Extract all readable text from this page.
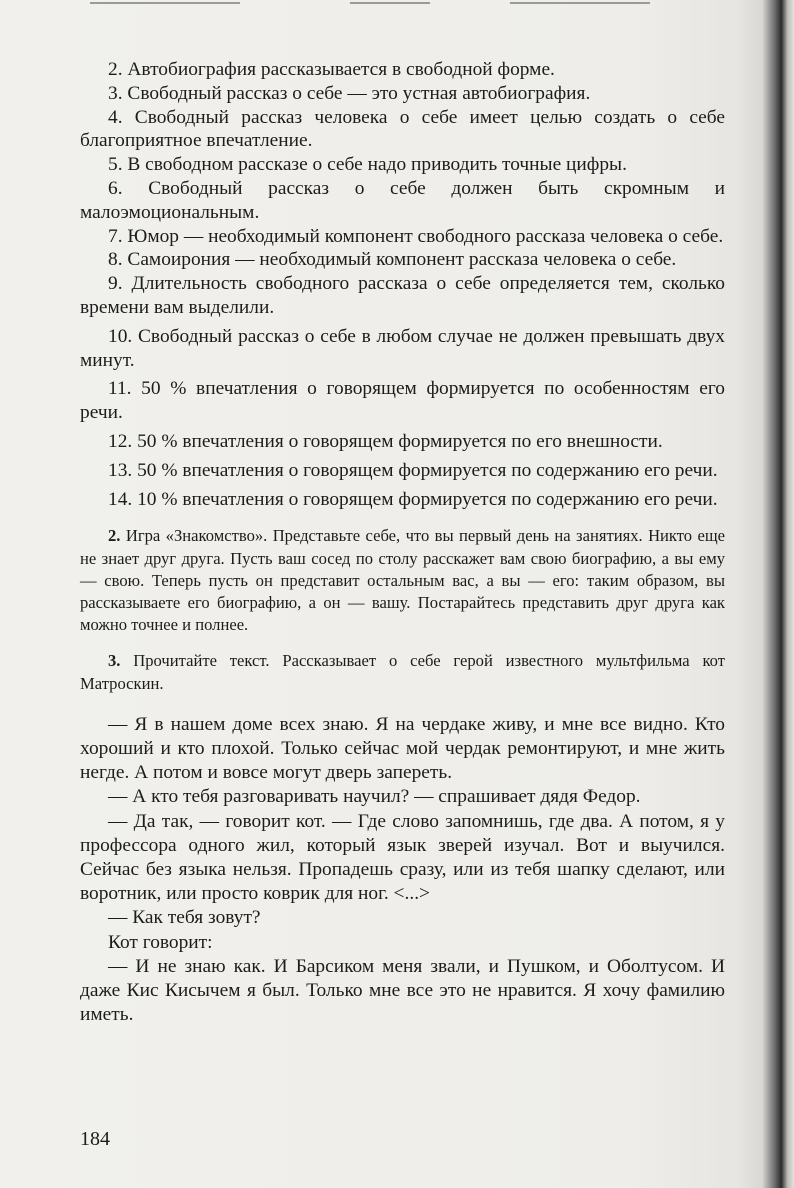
2. Автобиография рассказывается в свободной форме.

3. Свободный рассказ о себе — это устная автобиография.

4. Свободный рассказ человека о себе имеет целью создать о себе благоприятное впечатление.

5. В свободном рассказе о себе надо приводить точные цифры.

6. Свободный рассказ о себе должен быть скромным и малоэмоциональным.

7. Юмор — необходимый компонент свободного рассказа человека о себе.

8. Самоирония — необходимый компонент рассказа человека о себе.

9. Длительность свободного рассказа о себе определяется тем, сколько времени вам выделили.

10. Свободный рассказ о себе в любом случае не должен превышать двух минут.

11. 50 % впечатления о говорящем формируется по особенностям его речи.

12. 50 % впечатления о говорящем формируется по его внешности.

13. 50 % впечатления о говорящем формируется по содержанию его речи.

14. 10 % впечатления о говорящем формируется по содержанию его речи.

2. Игра «Знакомство». Представьте себе, что вы первый день на занятиях. Никто еще не знает друг друга. Пусть ваш сосед по столу расскажет вам свою биографию, а вы ему — свою. Теперь пусть он представит остальным вас, а вы — его: таким образом, вы рассказываете его биографию, а он — вашу. Постарайтесь представить друг друга как можно точнее и полнее.

3. Прочитайте текст. Рассказывает о себе герой известного мультфильма кот Матроскин.

— Я в нашем доме всех знаю. Я на чердаке живу, и мне все видно. Кто хороший и кто плохой. Только сейчас мой чердак ремонтируют, и мне жить негде. А потом и вовсе могут дверь запереть.

— А кто тебя разговаривать научил? — спрашивает дядя Федор.

— Да так, — говорит кот. — Где слово запомнишь, где два. А потом, я у профессора одного жил, который язык зверей изучал. Вот и выучился. Сейчас без языка нельзя. Пропадешь сразу, или из тебя шапку сделают, или воротник, или просто коврик для ног. <...>

— Как тебя зовут?

Кот говорит:

— И не знаю как. И Барсиком меня звали, и Пушком, и Оболтусом. И даже Кис Кисычем я был. Только мне все это не нравится. Я хочу фамилию иметь.

184
